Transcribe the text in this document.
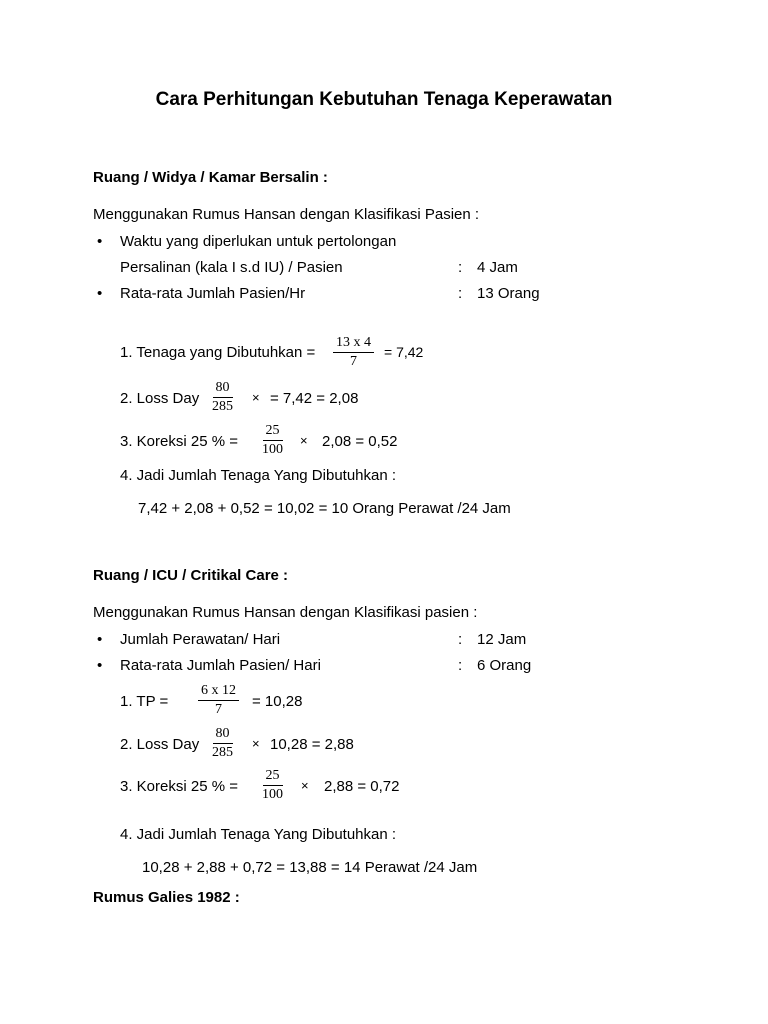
Cara Perhitungan Kebutuhan Tenaga Keperawatan
Ruang / Widya / Kamar Bersalin :
Menggunakan Rumus Hansan dengan Klasifikasi Pasien :
• Waktu yang diperlukan untuk pertolongan
Persalinan (kala I s.d IU) / Pasien	: 4 Jam
• Rata-rata Jumlah Pasien/Hr	: 13 Orang
1. Tenaga yang Dibutuhkan = $\frac{13 x 4}{7} = 7,42$
2. Loss Day $\frac{80}{285}$ × = 7,42 = 2,08
3. Koreksi 25 % = $\frac{25}{100} \times 2,08 = 0,52$
4. Jadi Jumlah Tenaga Yang Dibutuhkan :
7,42 + 2,08 + 0,52 = 10,02 = 10 Orang Perawat /24 Jam
Ruang / ICU / Critikal Care :
Menggunakan Rumus Hansan dengan Klasifikasi pasien :
• Jumlah Perawatan/ Hari	: 12 Jam
• Rata-rata Jumlah Pasien/ Hari	: 6 Orang
1. TP = $\frac{6 x 12}{7} = 10,28$
2. Loss Day $\frac{80}{285} \times 10,28 = 2,88$
3. Koreksi 25 % = $\frac{25}{100} \times 2,88 = 0,72$
4. Jadi Jumlah Tenaga Yang Dibutuhkan :
10,28 + 2,88 + 0,72 = 13,88 = 14 Perawat /24 Jam
Rumus Galies 1982 :
